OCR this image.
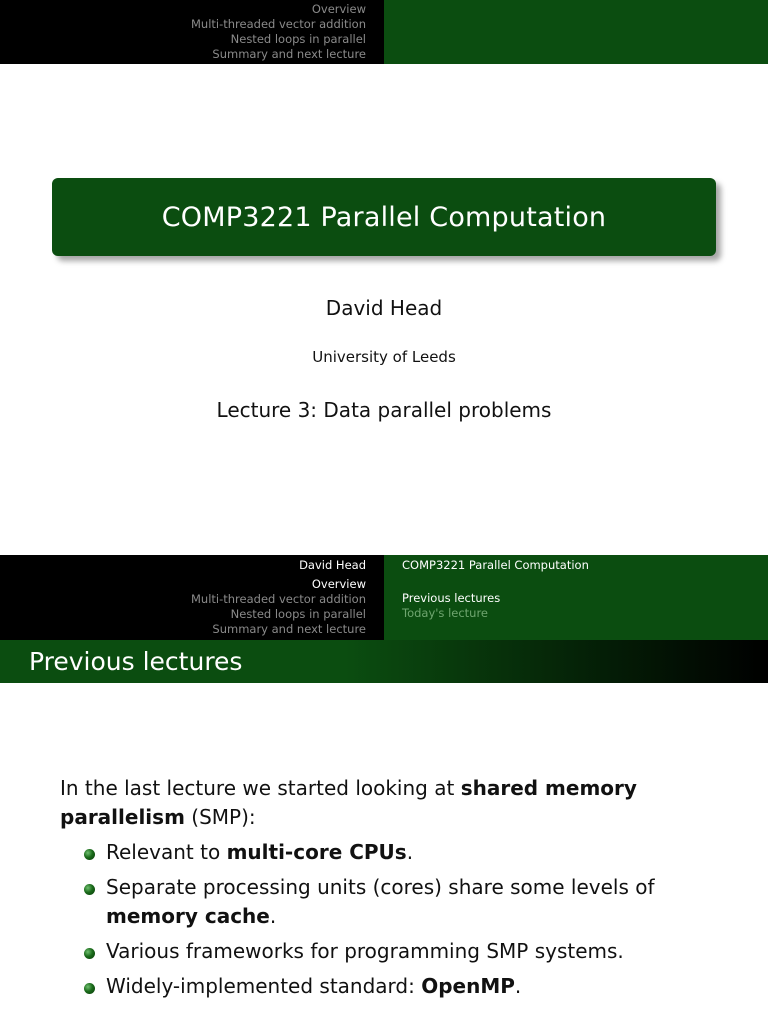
Overview
Multi-threaded vector addition
Nested loops in parallel
Summary and next lecture
COMP3221 Parallel Computation
David Head
University of Leeds
Lecture 3: Data parallel problems
David Head
Overview
Multi-threaded vector addition
Nested loops in parallel
Summary and next lecture
COMP3221 Parallel Computation
Previous lectures
Today's lecture
Previous lectures
In the last lecture we started looking at shared memory parallelism (SMP):
Relevant to multi-core CPUs.
Separate processing units (cores) share some levels of memory cache.
Various frameworks for programming SMP systems.
Widely-implemented standard: OpenMP.
